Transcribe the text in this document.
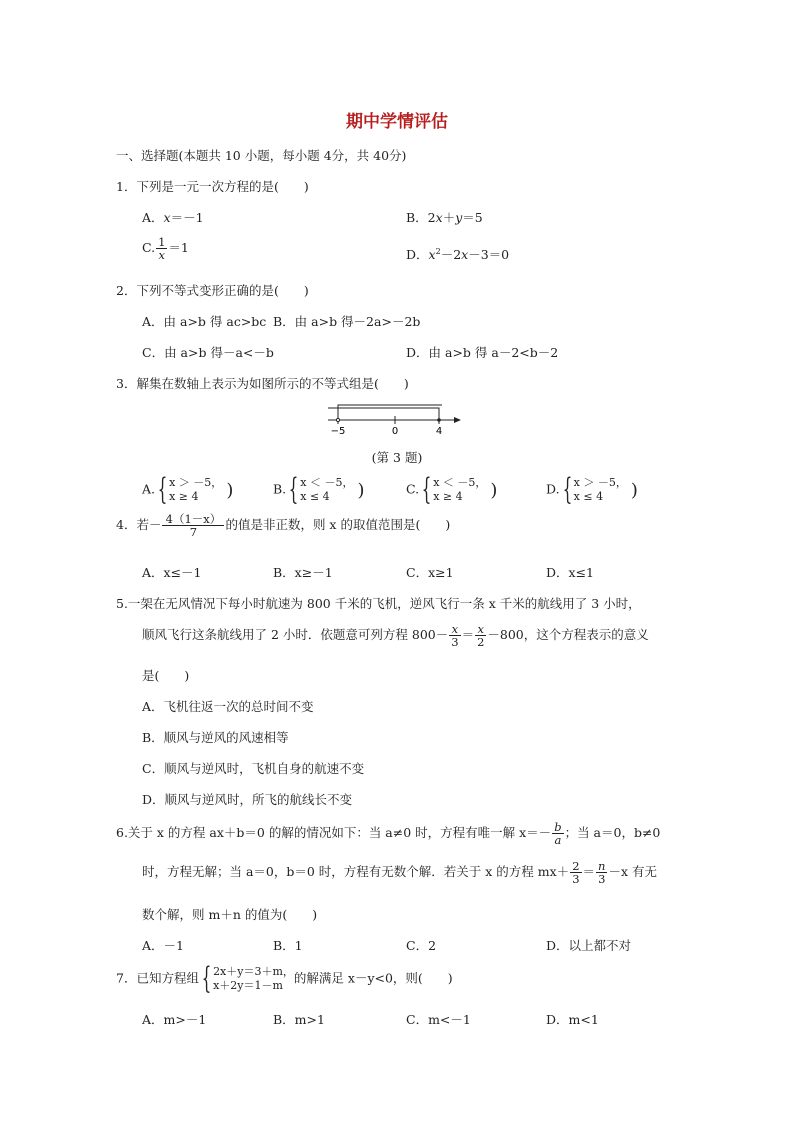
期中学情评估
一、选择题(本题共 10 小题，每小题 4分，共 40分)
1．下列是一元一次方程的是(　　)
A．x＝－1	B．2x＋y＝5
C. $\frac{1}{x} =1$	D．$x^2-2x-3=0$
2．下列不等式变形正确的是(　　)
A．由 a>b 得 ac>bc B．由 a>b 得－2a>－2b
C．由 a>b 得－a<－b	D．由 a>b 得 a－2<b－2
3．解集在数轴上表示为如图所示的不等式组是(　　)
−5	0	4
(第 3 题)
A.{ x ＞ －5，
x ≥ 4	)	B.{ x ＜ －5，
x ≤ 4	)	C.{ x ＜ －5，
x ≥ 4	)	D.{ x ＞ －5，
x ≤ 4	)
4．若－ $\frac{4(1-x)}{7}$ 的值是非正数，则 x 的取值范围是(　　)
A．x≤－1	B．x≥－1	C．x≥1	D．x≤1
5.一架在无风情况下每小时航速为 800 千米的飞机，逆风飞行一条 x 千米的航线用了 3 小时，
顺风飞行这条航线用了 2 小时．依题意可列方程 $800- \frac{x}{3} = \frac{x}{2} -800$，这个方程表示的意义
是(　　)
A．飞机往返一次的总时间不变
B．顺风与逆风的风速相等
C．顺风与逆风时，飞机自身的航速不变
D．顺风与逆风时，所飞的航线长不变
6.关于 x 的方程 ax＋b＝0 的解的情况如下：当 a≠0 时，方程有唯一解 $x=- \frac{b}{a}$ ；当 a＝0，b≠0
时，方程无解；当 a＝0，b＝0 时，方程有无数个解．若关于 x 的方程 $mx+ \frac{2}{3} = \frac{n}{3} -x$ 有无
数个解，则 m＋n 的值为(　　)
A．－1	B．1	C．2	D．以上都不对
7．已知方程组{ 2x＋y＝3＋m，
x＋2y＝1－m 的解满足 x－y<0，则(　　)
A．m>－1	B．m>1	C．m<－1	D．m<1
